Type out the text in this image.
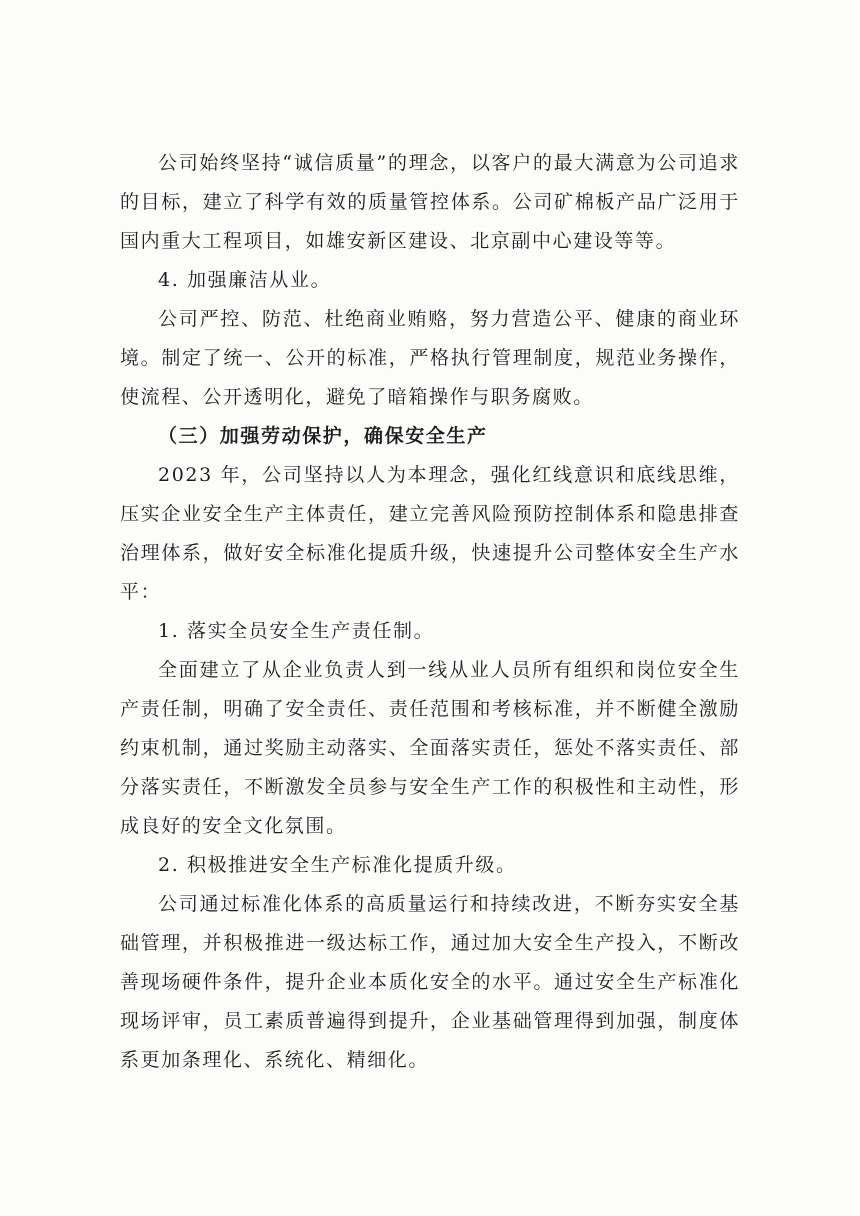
公司始终坚持“诚信质量”的理念，以客户的最大满意为公司追求的目标，建立了科学有效的质量管控体系。公司矿棉板产品广泛用于国内重大工程项目，如雄安新区建设、北京副中心建设等等。

4. 加强廉洁从业。

公司严控、防范、杜绝商业贿赂，努力营造公平、健康的商业环境。制定了统一、公开的标准，严格执行管理制度，规范业务操作，使流程、公开透明化，避免了暗箱操作与职务腐败。

（三）加强劳动保护，确保安全生产

2023 年，公司坚持以人为本理念，强化红线意识和底线思维，压实企业安全生产主体责任，建立完善风险预防控制体系和隐患排查治理体系，做好安全标准化提质升级，快速提升公司整体安全生产水平：

1. 落实全员安全生产责任制。

全面建立了从企业负责人到一线从业人员所有组织和岗位安全生产责任制，明确了安全责任、责任范围和考核标准，并不断健全激励约束机制，通过奖励主动落实、全面落实责任，惩处不落实责任、部分落实责任，不断激发全员参与安全生产工作的积极性和主动性，形成良好的安全文化氛围。

2. 积极推进安全生产标准化提质升级。

公司通过标准化体系的高质量运行和持续改进，不断夯实安全基础管理，并积极推进一级达标工作，通过加大安全生产投入，不断改善现场硬件条件，提升企业本质化安全的水平。通过安全生产标准化现场评审，员工素质普遍得到提升，企业基础管理得到加强，制度体系更加条理化、系统化、精细化。
